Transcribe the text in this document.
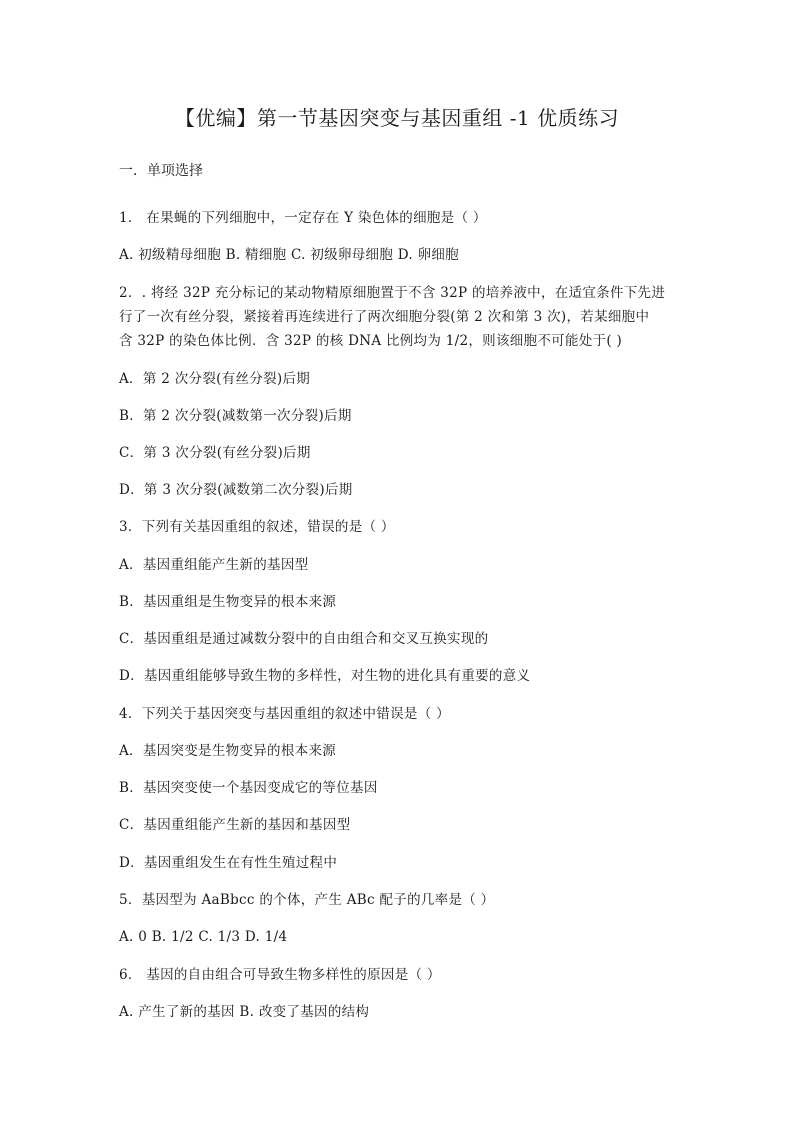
【优编】第一节基因突变与基因重组 -1 优质练习
一．单项选择
1． 在果蝇的下列细胞中，一定存在 Y 染色体的细胞是（ ）
A. 初级精母细胞 B. 精细胞 C. 初级卵母细胞 D. 卵细胞
2．. 将经 32P 充分标记的某动物精原细胞置于不含 32P 的培养液中，在适宜条件下先进
行了一次有丝分裂，紧接着再连续进行了两次细胞分裂(第 2 次和第 3 次)，若某细胞中
含 32P 的染色体比例．含 32P 的核 DNA 比例均为 1/2，则该细胞不可能处于( )
A．第 2 次分裂(有丝分裂)后期
B．第 2 次分裂(减数第一次分裂)后期
C．第 3 次分裂(有丝分裂)后期
D．第 3 次分裂(减数第二次分裂)后期
3．下列有关基因重组的叙述，错误的是（ ）
A．基因重组能产生新的基因型
B．基因重组是生物变异的根本来源
C．基因重组是通过减数分裂中的自由组合和交叉互换实现的
D．基因重组能够导致生物的多样性，对生物的进化具有重要的意义
4．下列关于基因突变与基因重组的叙述中错误是（ ）
A．基因突变是生物变异的根本来源
B．基因突变使一个基因变成它的等位基因
C．基因重组能产生新的基因和基因型
D．基因重组发生在有性生殖过程中
5．基因型为 AaBbcc 的个体，产生 ABc 配子的几率是（ ）
A. 0 B. 1/2 C. 1/3 D. 1/4
6． 基因的自由组合可导致生物多样性的原因是（ ）
A. 产生了新的基因 B. 改变了基因的结构
